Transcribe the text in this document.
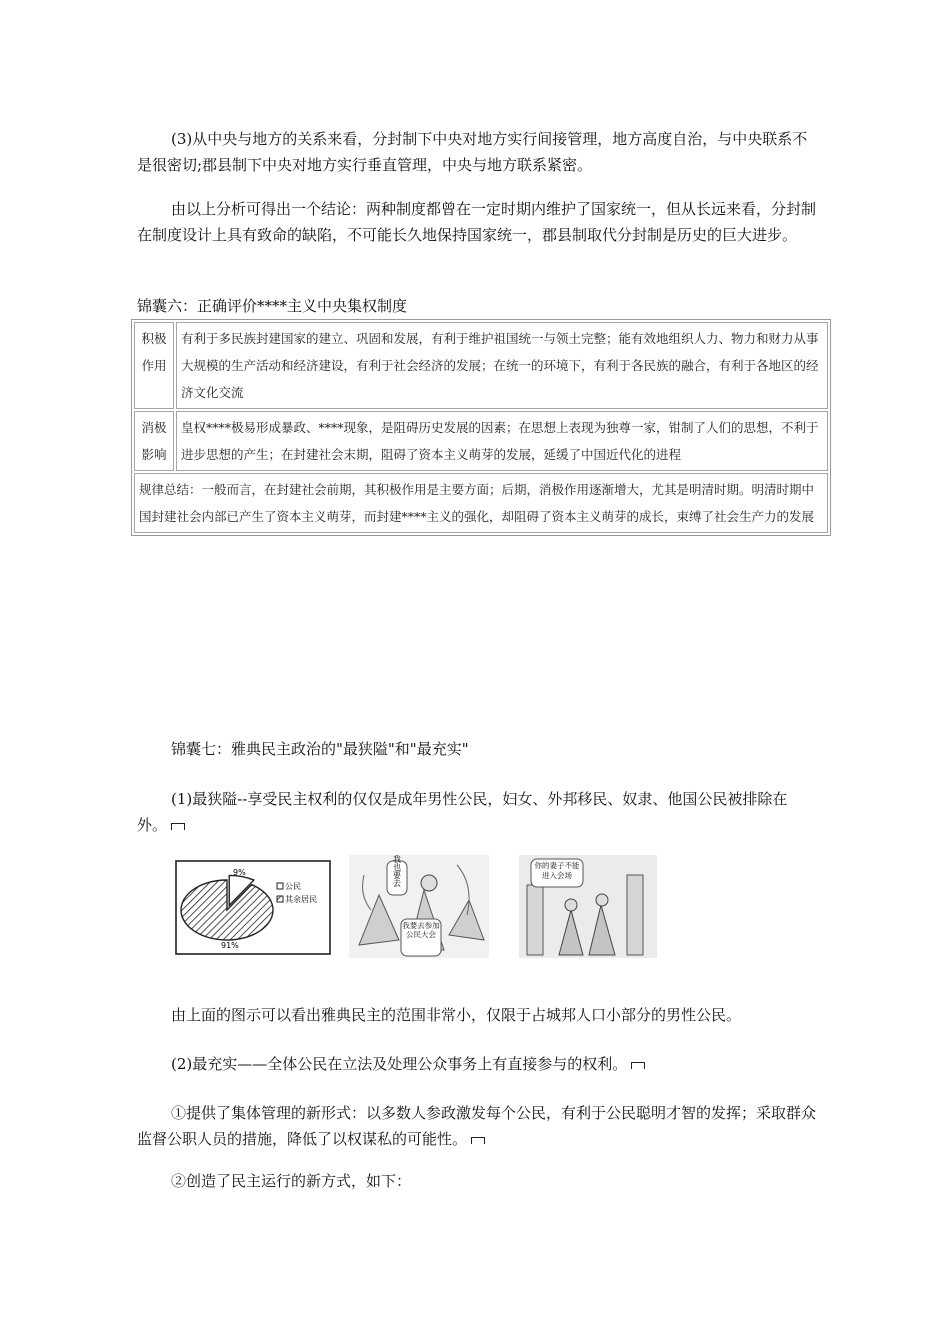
(3)从中央与地方的关系来看，分封制下中央对地方实行间接管理，地方高度自治，与中央联系不是很密切;郡县制下中央对地方实行垂直管理，中央与地方联系紧密。

由以上分析可得出一个结论：两种制度都曾在一定时期内维护了国家统一，但从长远来看，分封制在制度设计上具有致命的缺陷，不可能长久地保持国家统一，郡县制取代分封制是历史的巨大进步。

锦囊六：正确评价****主义中央集权制度

积极作用	有利于多民族封建国家的建立、巩固和发展，有利于维护祖国统一与领土完整；能有效地组织人力、物力和财力从事大规模的生产活动和经济建设，有利于社会经济的发展；在统一的环境下，有利于各民族的融合，有利于各地区的经济文化交流
消极影响	皇权****极易形成暴政、****现象，是阻碍历史发展的因素；在思想上表现为独尊一家，钳制了人们的思想，不利于进步思想的产生；在封建社会末期，阻碍了资本主义萌芽的发展，延缓了中国近代化的进程
规律总结：一般而言，在封建社会前期，其积极作用是主要方面；后期，消极作用逐渐增大，尤其是明清时期。明清时期中国封建社会内部已产生了资本主义萌芽，而封建****主义的强化，却阻碍了资本主义萌芽的成长，束缚了社会生产力的发展	

锦囊七：雅典民主政治的"最狭隘"和"最充实"

(1)最狭隘--享受民主权利的仅仅是成年男性公民，妇女、外邦移民、奴隶、他国公民被排除在外。

9%
91%
公民
其余居民
我也要去
我要去参加公民大会
你的妻子不能进入会场

由上面的图示可以看出雅典民主的范围非常小，仅限于占城邦人口小部分的男性公民。

(2)最充实——全体公民在立法及处理公众事务上有直接参与的权利。

①提供了集体管理的新形式：以多数人参政激发每个公民，有利于公民聪明才智的发挥；采取群众监督公职人员的措施，降低了以权谋私的可能性。

②创造了民主运行的新方式，如下：
